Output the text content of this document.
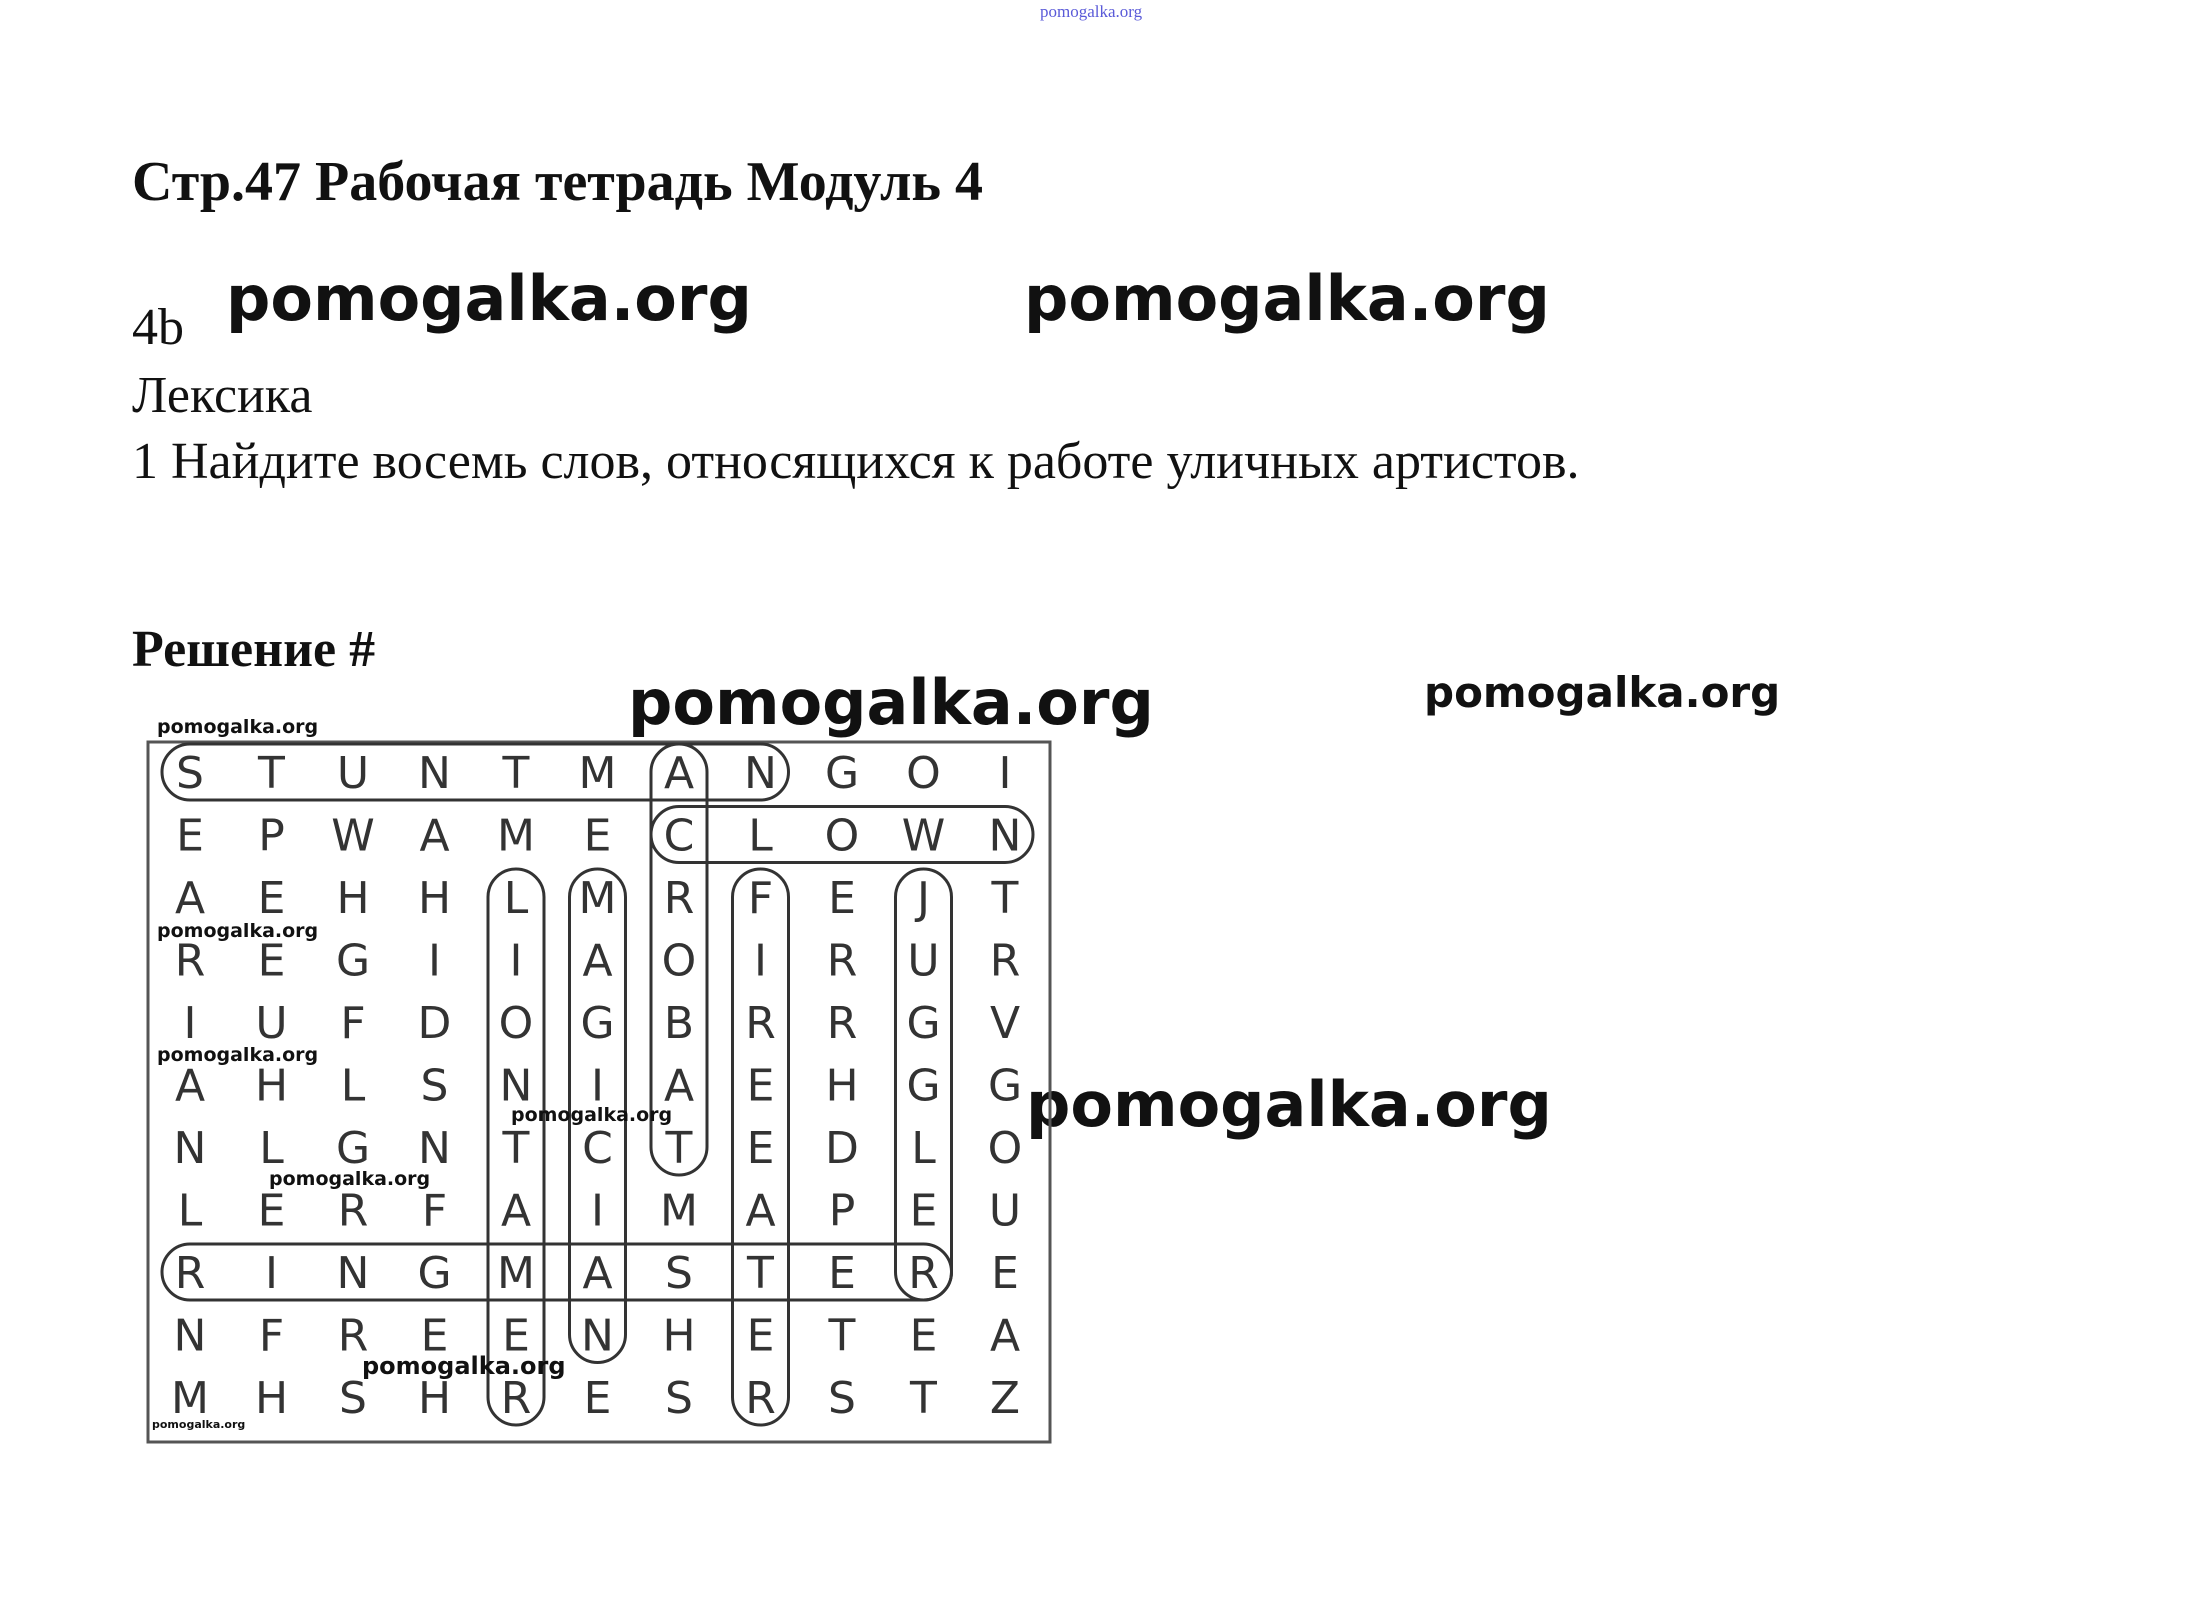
pomogalka.org
Стр.47 Рабочая тетрадь Модуль 4
4b
Лексика
1 Найдите восемь слов, относящихся к работе уличных артистов.
Решение #
pomogalka.org	pomogalka.org
pomogalka.org	pomogalka.org
pomogalka.org
pomogalka.org
S T U N T M A N G O I
E P W A M E C L O W N
A E H H L M R F E J T
R E G I I A O I R U R
I U F D O G B R R G V
A H L S N I A E H G G
N L G N T C T E D L O
L E R F A I M A P E U
R I N G M A S T E R E
N F R E E N H E T E A
M H S H R E S R S T Z
pomogalka.org
pomogalka.org
pomogalka.org
pomogalka.org
pomogalka.org
pomogalka.org
